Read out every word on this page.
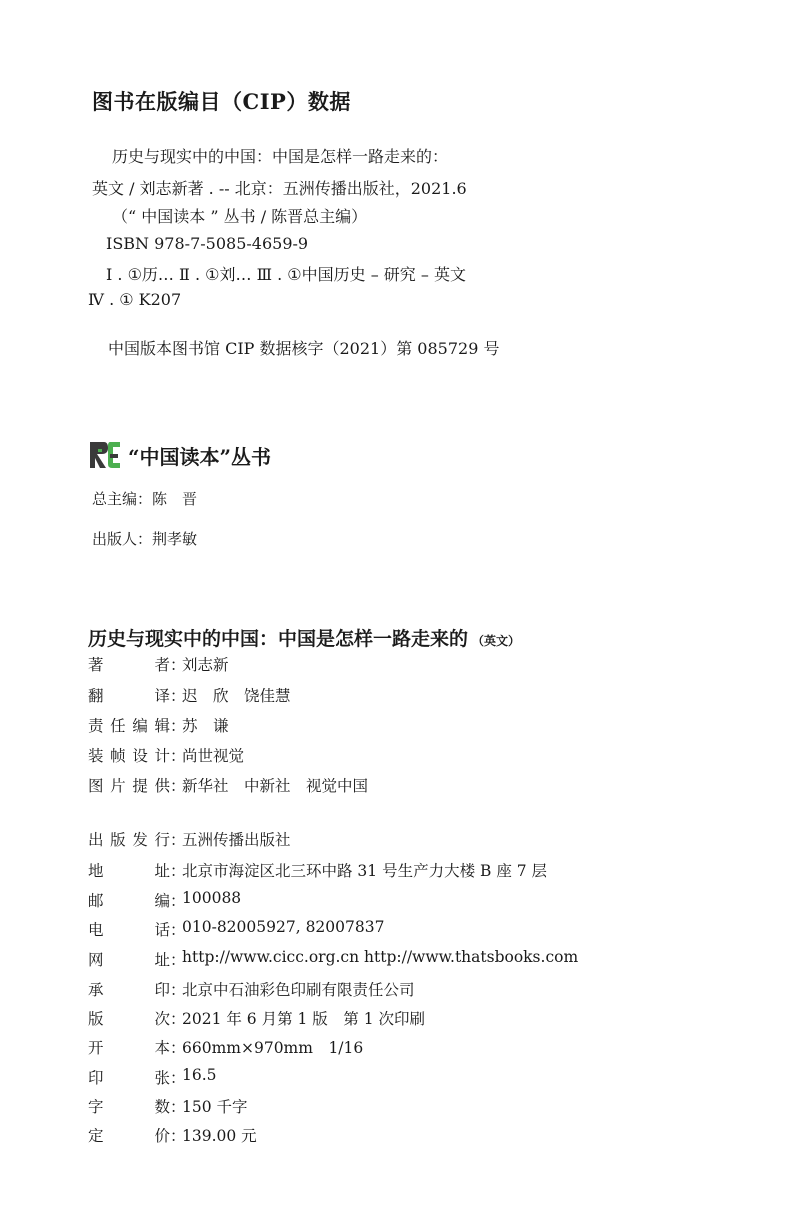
图书在版编目（CIP）数据
历史与现实中的中国：中国是怎样一路走来的：
英文 / 刘志新著 . -- 北京：五洲传播出版社，2021.6
（“ 中国读本 ” 丛书 / 陈晋总主编）
ISBN 978-7-5085-4659-9
Ⅰ . ①历… Ⅱ . ①刘… Ⅲ . ①中国历史 – 研究 – 英文
Ⅳ . ① K207
中国版本图书馆 CIP 数据核字（2021）第 085729 号
“中国读本”丛书
总主编：陈　晋
出版人：荆孝敏
历史与现实中的中国：中国是怎样一路走来的 （英文）
著　　者 ：
刘志新
翻　　译 ：
迟　欣　饶佳慧
责任编辑 ：
苏　谦
装帧设计 ：
尚世视觉
图片提供 ：
新华社　中新社　视觉中国
出版发行 ：
五洲传播出版社
地　　址 ：
北京市海淀区北三环中路 31 号生产力大楼 B 座 7 层
邮　　编 ：
100088
电　　话 ：
010-82005927, 82007837
网　　址 ：
http://www.cicc.org.cn http://www.thatsbooks.com
承　　印 ：
北京中石油彩色印刷有限责任公司
版　　次 ：
2021 年 6 月第 1 版　第 1 次印刷
开　　本 ：
660mm×970mm　1/16
印　　张 ：
16.5
字　　数 ：
150 千字
定　　价 ：
139.00 元
